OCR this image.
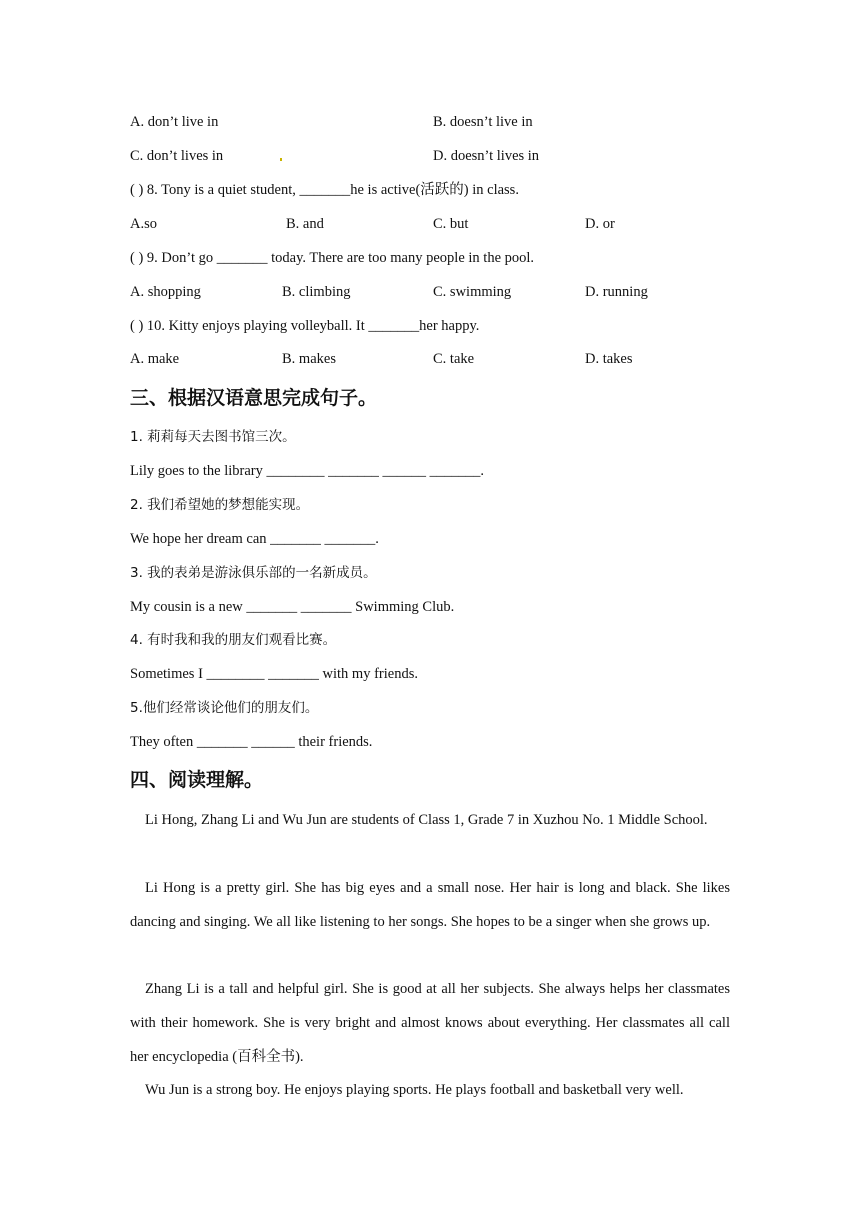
A. don’t live in	B. doesn’t live in
C. don’t lives in	D. doesn’t lives in
( ) 8. Tony is a quiet student, _______he is active(活跃的) in class.
A.so	B. and	C. but	D. or
( ) 9. Don’t go _______ today. There are too many people in the pool.
A. shopping	B. climbing	C. swimming	D. running
( ) 10. Kitty enjoys playing volleyball. It _______her happy.
A. make	B. makes	C. take	D. takes
三、根据汉语意思完成句子。
1. 莉莉每天去图书馆三次。
Lily goes to the library ________ _______ ______ _______.
2. 我们希望她的梦想能实现。
We hope her dream can _______ _______.
3. 我的表弟是游泳俱乐部的一名新成员。
My cousin is a new _______ _______ Swimming Club.
4. 有时我和我的朋友们观看比赛。
Sometimes I ________ _______ with my friends.
5.他们经常谈论他们的朋友们。
They often _______ ______ their friends.
四、阅读理解。
Li Hong, Zhang Li and Wu Jun are students of Class 1, Grade 7 in Xuzhou No. 1 Middle School.
Li Hong is a pretty girl. She has big eyes and a small nose. Her hair is long and black. She likes dancing and singing. We all like listening to her songs. She hopes to be a singer when she grows up.
Zhang Li is a tall and helpful girl. She is good at all her subjects. She always helps her classmates with their homework. She is very bright and almost knows about everything. Her classmates all call her encyclopedia (百科全书).
Wu Jun is a strong boy. He enjoys playing sports. He plays football and basketball very well.
